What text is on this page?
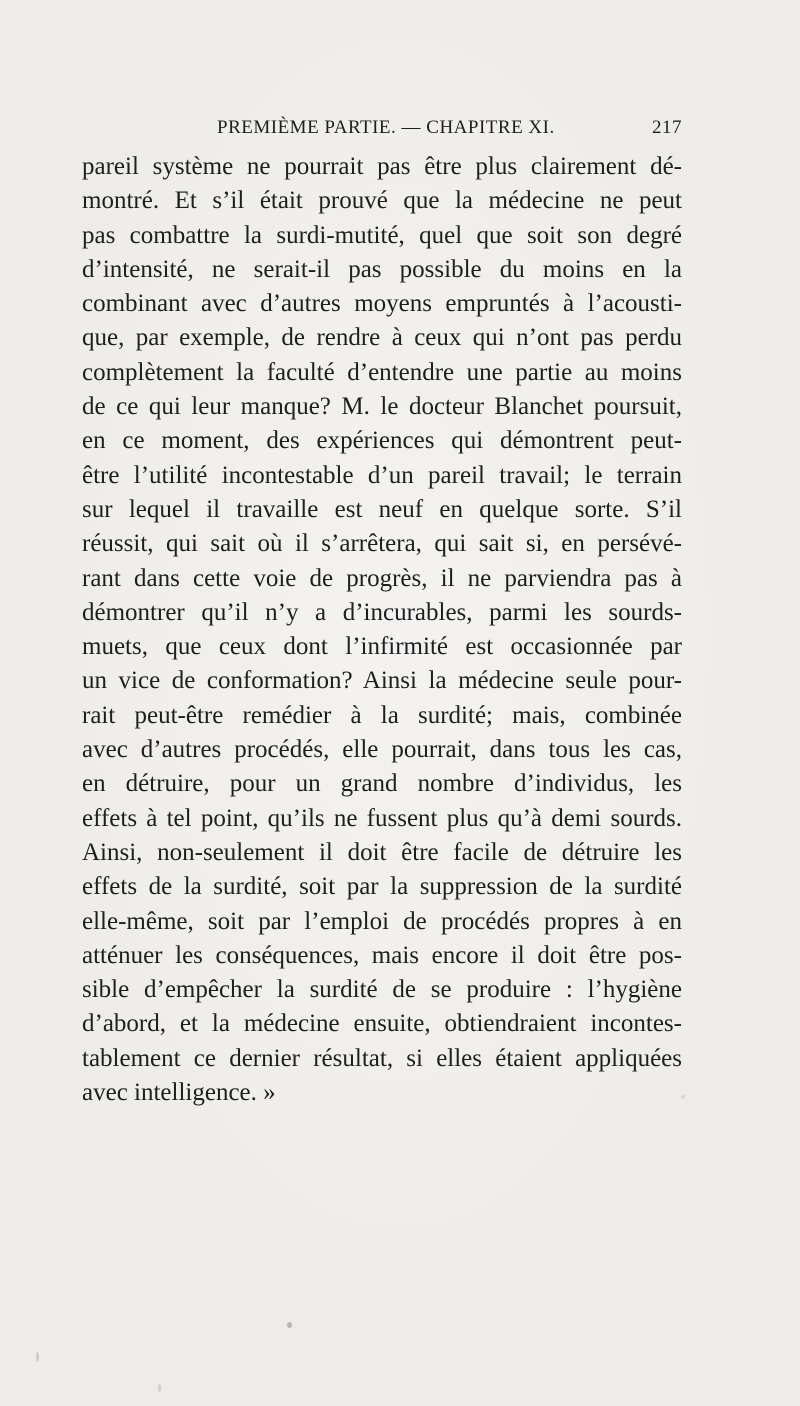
PREMIÈME PARTIE. — CHAPITRE XI.	217
pareil système ne pourrait pas être plus clairement dé-
montré. Et s’il était prouvé que la médecine ne peut
pas combattre la surdi-mutité, quel que soit son degré
d’intensité, ne serait-il pas possible du moins en la
combinant avec d’autres moyens empruntés à l’acousti-
que, par exemple, de rendre à ceux qui n’ont pas perdu
complètement la faculté d’entendre une partie au moins
de ce qui leur manque? M. le docteur Blanchet poursuit,
en ce moment, des expériences qui démontrent peut-
être l’utilité incontestable d’un pareil travail; le terrain
sur lequel il travaille est neuf en quelque sorte. S’il
réussit, qui sait où il s’arrêtera, qui sait si, en persévé-
rant dans cette voie de progrès, il ne parviendra pas à
démontrer qu’il n’y a d’incurables, parmi les sourds-
muets, que ceux dont l’infirmité est occasionnée par
un vice de conformation? Ainsi la médecine seule pour-
rait peut-être remédier à la surdité; mais, combinée
avec d’autres procédés, elle pourrait, dans tous les cas,
en détruire, pour un grand nombre d’individus, les
effets à tel point, qu’ils ne fussent plus qu’à demi sourds.
Ainsi, non-seulement il doit être facile de détruire les
effets de la surdité, soit par la suppression de la surdité
elle-même, soit par l’emploi de procédés propres à en
atténuer les conséquences, mais encore il doit être pos-
sible d’empêcher la surdité de se produire : l’hygiène
d’abord, et la médecine ensuite, obtiendraient incontes-
tablement ce dernier résultat, si elles étaient appliquées
avec intelligence. »
